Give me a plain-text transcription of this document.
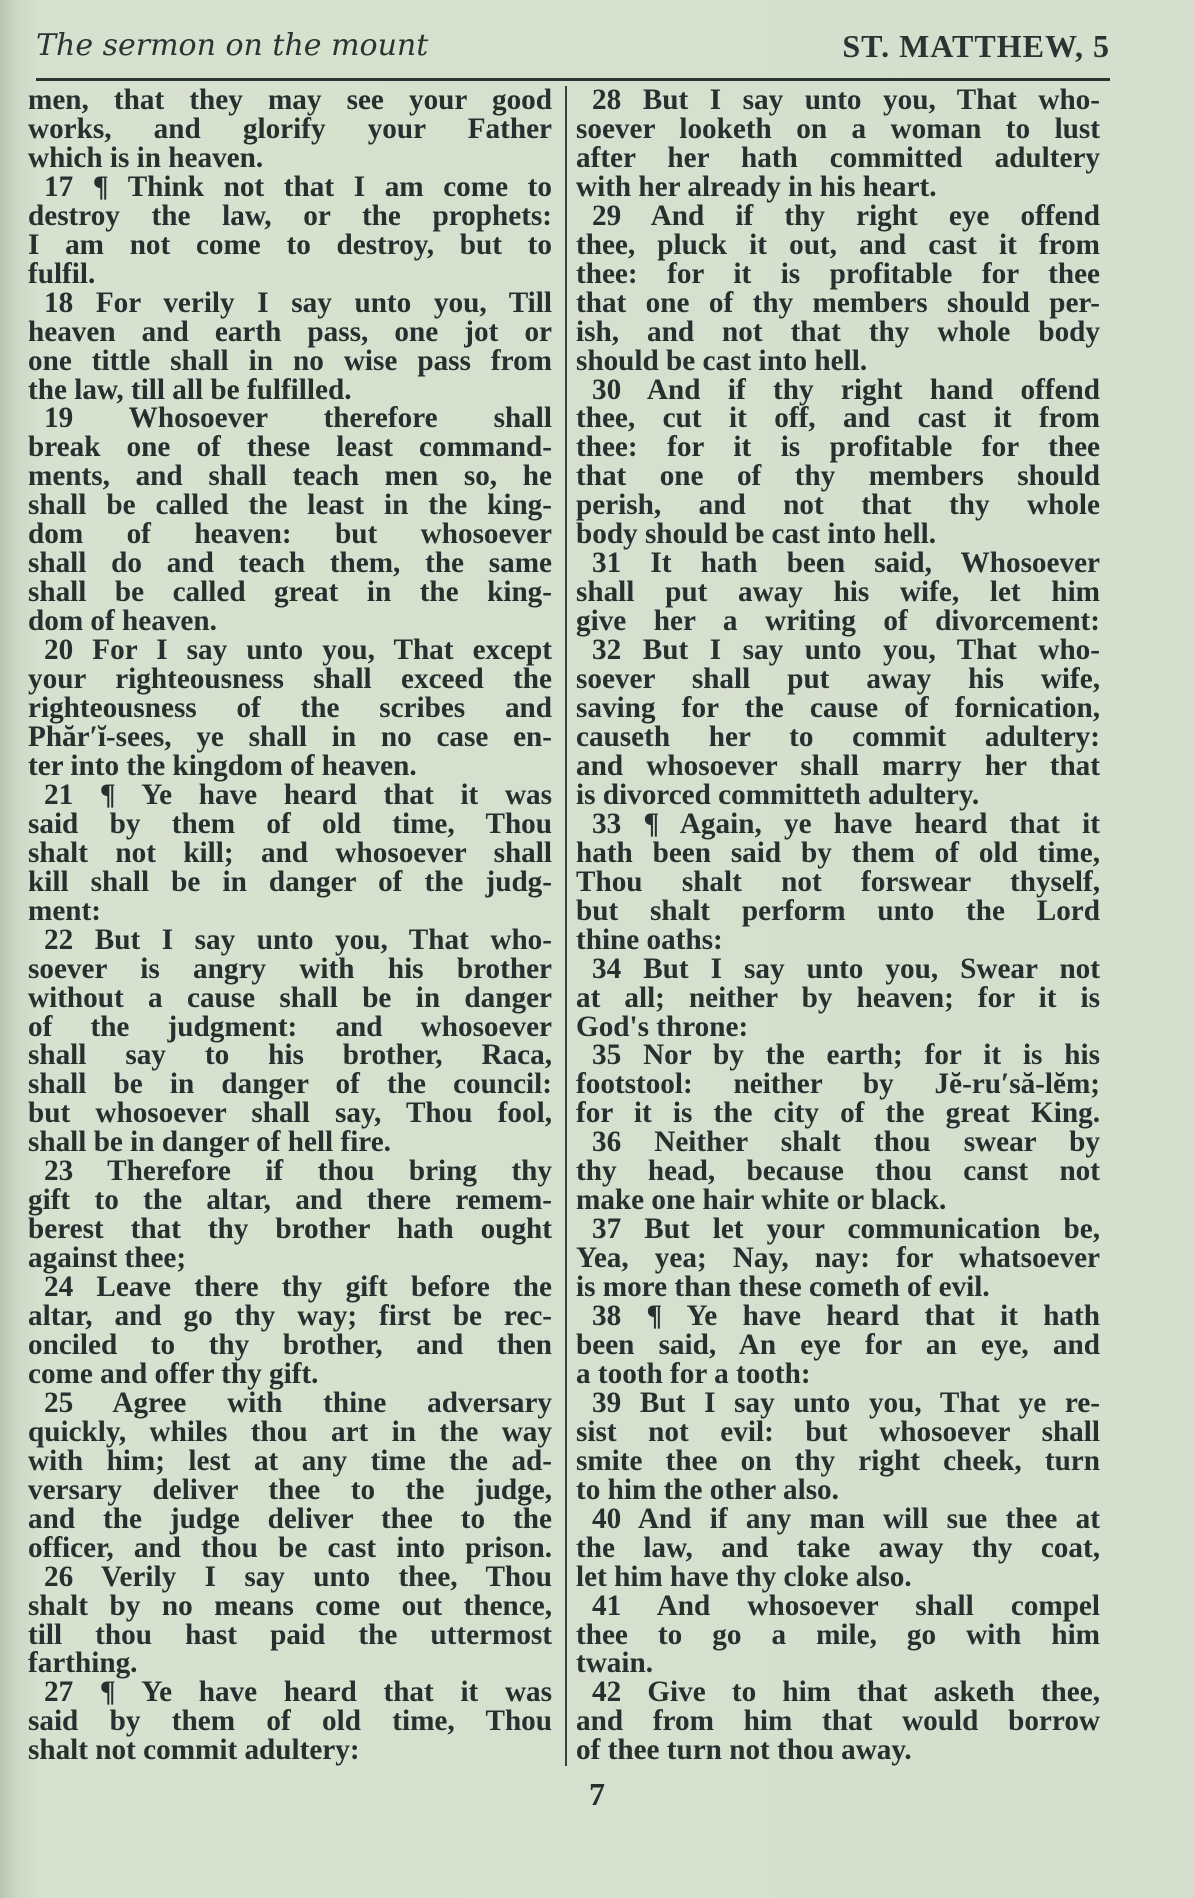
The sermon on the mount	ST. MATTHEW, 5
men, that they may see your good
works, and glorify your Father
which is in heaven.
17 ¶ Think not that I am come to
destroy the law, or the prophets:
I am not come to destroy, but to
fulfil.
18 For verily I say unto you, Till
heaven and earth pass, one jot or
one tittle shall in no wise pass from
the law, till all be fulfilled.
19 Whosoever therefore shall
break one of these least command-
ments, and shall teach men so, he
shall be called the least in the king-
dom of heaven: but whosoever
shall do and teach them, the same
shall be called great in the king-
dom of heaven.
20 For I say unto you, That except
your righteousness shall exceed the
righteousness of the scribes and
Phăr′ĭ-sees, ye shall in no case en-
ter into the kingdom of heaven.
21 ¶ Ye have heard that it was
said by them of old time, Thou
shalt not kill; and whosoever shall
kill shall be in danger of the judg-
ment:
22 But I say unto you, That who-
soever is angry with his brother
without a cause shall be in danger
of the judgment: and whosoever
shall say to his brother, Raca,
shall be in danger of the council:
but whosoever shall say, Thou fool,
shall be in danger of hell fire.
23 Therefore if thou bring thy
gift to the altar, and there remem-
berest that thy brother hath ought
against thee;
24 Leave there thy gift before the
altar, and go thy way; first be rec-
onciled to thy brother, and then
come and offer thy gift.
25 Agree with thine adversary
quickly, whiles thou art in the way
with him; lest at any time the ad-
versary deliver thee to the judge,
and the judge deliver thee to the
officer, and thou be cast into prison.
26 Verily I say unto thee, Thou
shalt by no means come out thence,
till thou hast paid the uttermost
farthing.
27 ¶ Ye have heard that it was
said by them of old time, Thou
shalt not commit adultery:
28 But I say unto you, That who-
soever looketh on a woman to lust
after her hath committed adultery
with her already in his heart.
29 And if thy right eye offend
thee, pluck it out, and cast it from
thee: for it is profitable for thee
that one of thy members should per-
ish, and not that thy whole body
should be cast into hell.
30 And if thy right hand offend
thee, cut it off, and cast it from
thee: for it is profitable for thee
that one of thy members should
perish, and not that thy whole
body should be cast into hell.
31 It hath been said, Whosoever
shall put away his wife, let him
give her a writing of divorcement:
32 But I say unto you, That who-
soever shall put away his wife,
saving for the cause of fornication,
causeth her to commit adultery:
and whosoever shall marry her that
is divorced committeth adultery.
33 ¶ Again, ye have heard that it
hath been said by them of old time,
Thou shalt not forswear thyself,
but shalt perform unto the Lord
thine oaths:
34 But I say unto you, Swear not
at all; neither by heaven; for it is
God's throne:
35 Nor by the earth; for it is his
footstool: neither by Jĕ-ru′să-lĕm;
for it is the city of the great King.
36 Neither shalt thou swear by
thy head, because thou canst not
make one hair white or black.
37 But let your communication be,
Yea, yea; Nay, nay: for whatsoever
is more than these cometh of evil.
38 ¶ Ye have heard that it hath
been said, An eye for an eye, and
a tooth for a tooth:
39 But I say unto you, That ye re-
sist not evil: but whosoever shall
smite thee on thy right cheek, turn
to him the other also.
40 And if any man will sue thee at
the law, and take away thy coat,
let him have thy cloke also.
41 And whosoever shall compel
thee to go a mile, go with him
twain.
42 Give to him that asketh thee,
and from him that would borrow
of thee turn not thou away.
7
